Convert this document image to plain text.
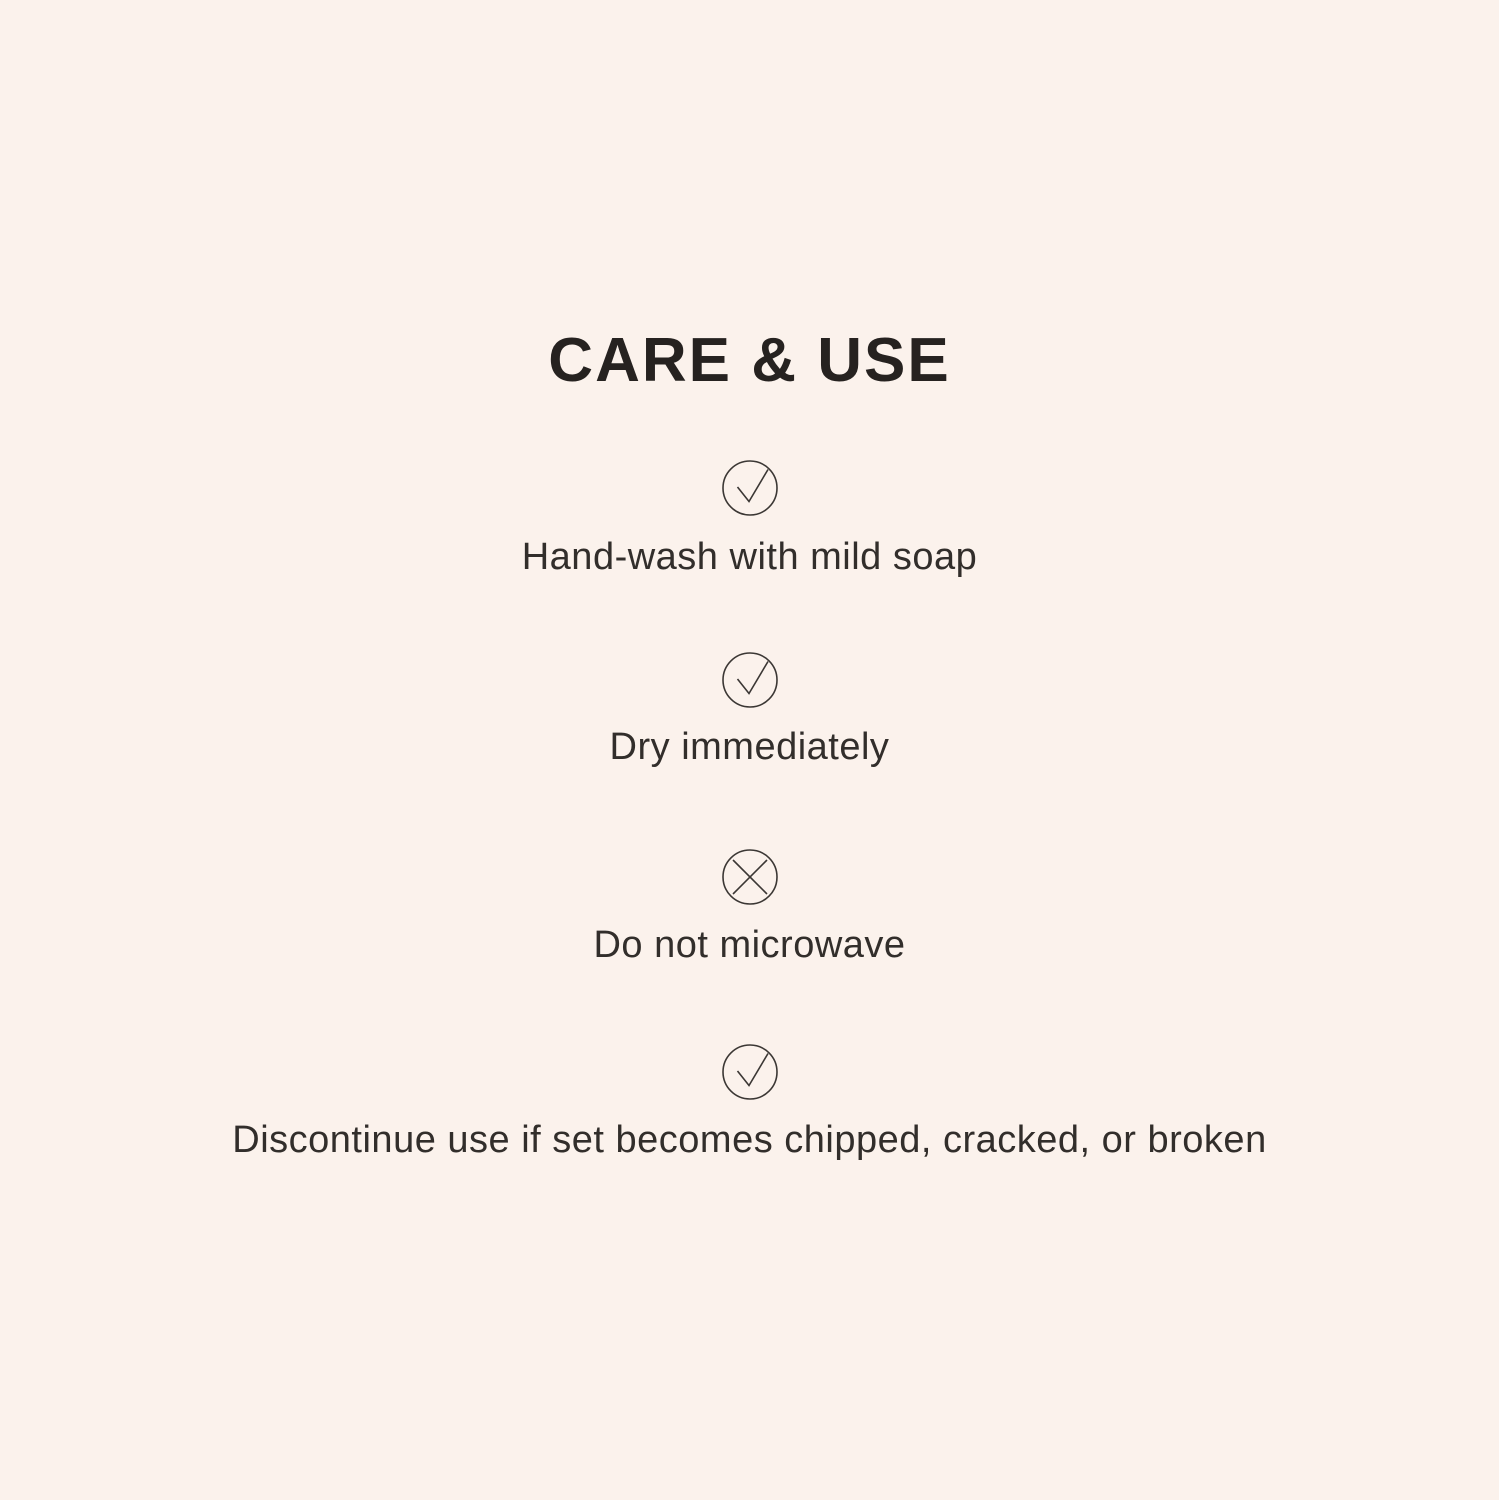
CARE & USE
Hand-wash with mild soap
Dry immediately
Do not microwave
Discontinue use if set becomes chipped, cracked, or broken
